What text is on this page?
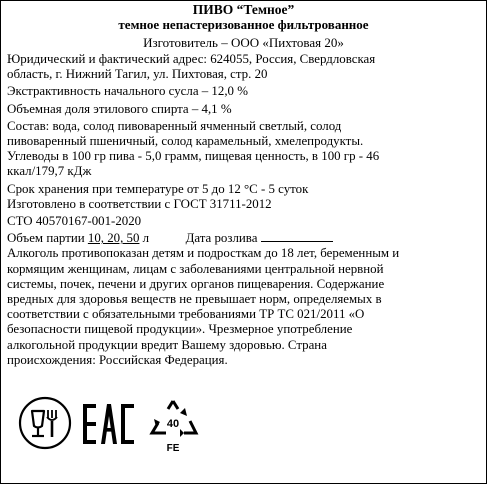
ПИВО “Темное”
темное непастеризованное фильтрованное
Изготовитель – ООО «Пихтовая 20»

Юридический и фактический адрес: 624055, Россия, Свердловская

область, г. Нижний Тагил, ул. Пихтовая, стр. 20

Экстрактивность начального сусла – 12,0 %

Объемная доля этилового спирта – 4,1 %

Состав: вода, солод пивоваренный ячменный светлый, солод

пивоваренный пшеничный, солод карамельный, хмелепродукты.

Углеводы в 100 гр пива - 5,0 грамм, пищевая ценность, в 100 гр - 46

ккал/179,7 кДж

Срок хранения при температуре от 5 до 12 °С - 5 суток

Изготовлено в соответствии с ГОСТ 31711-2012

СТО 40570167-001-2020

Объем партии 10, 20, 50 л	Дата розлива

Алкоголь противопоказан детям и подросткам до 18 лет, беременным и

кормящим женщинам, лицам с заболеваниями центральной нервной

системы, почек, печени и других органов пищеварения. Содержание

вредных для здоровья веществ не превышает норм, определяемых в

соответствии с обязательными требованиями ТР ТС 021/2011 «О

безопасности пищевой продукции». Чрезмерное употребление

алкогольной продукции вредит Вашему здоровью. Страна

происхождения: Российская Федерация.

40
FE
